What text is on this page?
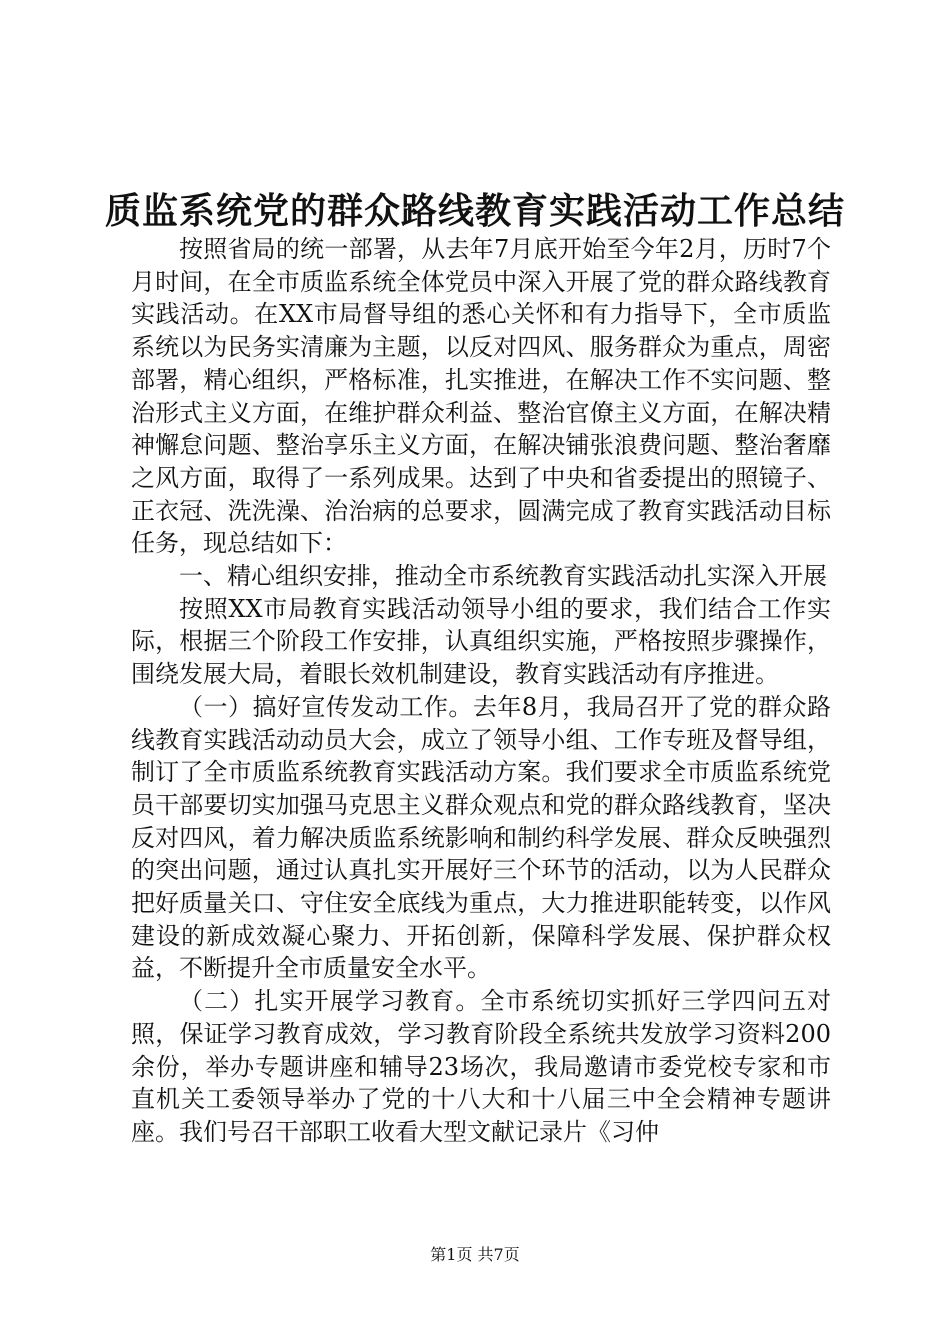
质监系统党的群众路线教育实践活动工作总结

按照省局的统一部署，从去年7月底开始至今年2月，历时7个月时间，在全市质监系统全体党员中深入开展了党的群众路线教育实践活动。在XX市局督导组的悉心关怀和有力指导下，全市质监系统以为民务实清廉为主题，以反对四风、服务群众为重点，周密部署，精心组织，严格标准，扎实推进，在解决工作不实问题、整治形式主义方面，在维护群众利益、整治官僚主义方面，在解决精神懈怠问题、整治享乐主义方面，在解决铺张浪费问题、整治奢靡之风方面，取得了一系列成果。达到了中央和省委提出的照镜子、正衣冠、洗洗澡、治治病的总要求，圆满完成了教育实践活动目标任务，现总结如下：

一、精心组织安排，推动全市系统教育实践活动扎实深入开展

按照XX市局教育实践活动领导小组的要求，我们结合工作实际，根据三个阶段工作安排，认真组织实施，严格按照步骤操作，围绕发展大局，着眼长效机制建设，教育实践活动有序推进。

（一）搞好宣传发动工作。去年8月，我局召开了党的群众路线教育实践活动动员大会，成立了领导小组、工作专班及督导组，制订了全市质监系统教育实践活动方案。我们要求全市质监系统党员干部要切实加强马克思主义群众观点和党的群众路线教育，坚决反对四风，着力解决质监系统影响和制约科学发展、群众反映强烈的突出问题，通过认真扎实开展好三个环节的活动，以为人民群众把好质量关口、守住安全底线为重点，大力推进职能转变，以作风建设的新成效凝心聚力、开拓创新，保障科学发展、保护群众权益，不断提升全市质量安全水平。

（二）扎实开展学习教育。全市系统切实抓好三学四问五对照，保证学习教育成效，学习教育阶段全系统共发放学习资料200余份，举办专题讲座和辅导23场次，我局邀请市委党校专家和市直机关工委领导举办了党的十八大和十八届三中全会精神专题讲座。我们号召干部职工收看大型文献记录片《习仲

第1页 共7页
